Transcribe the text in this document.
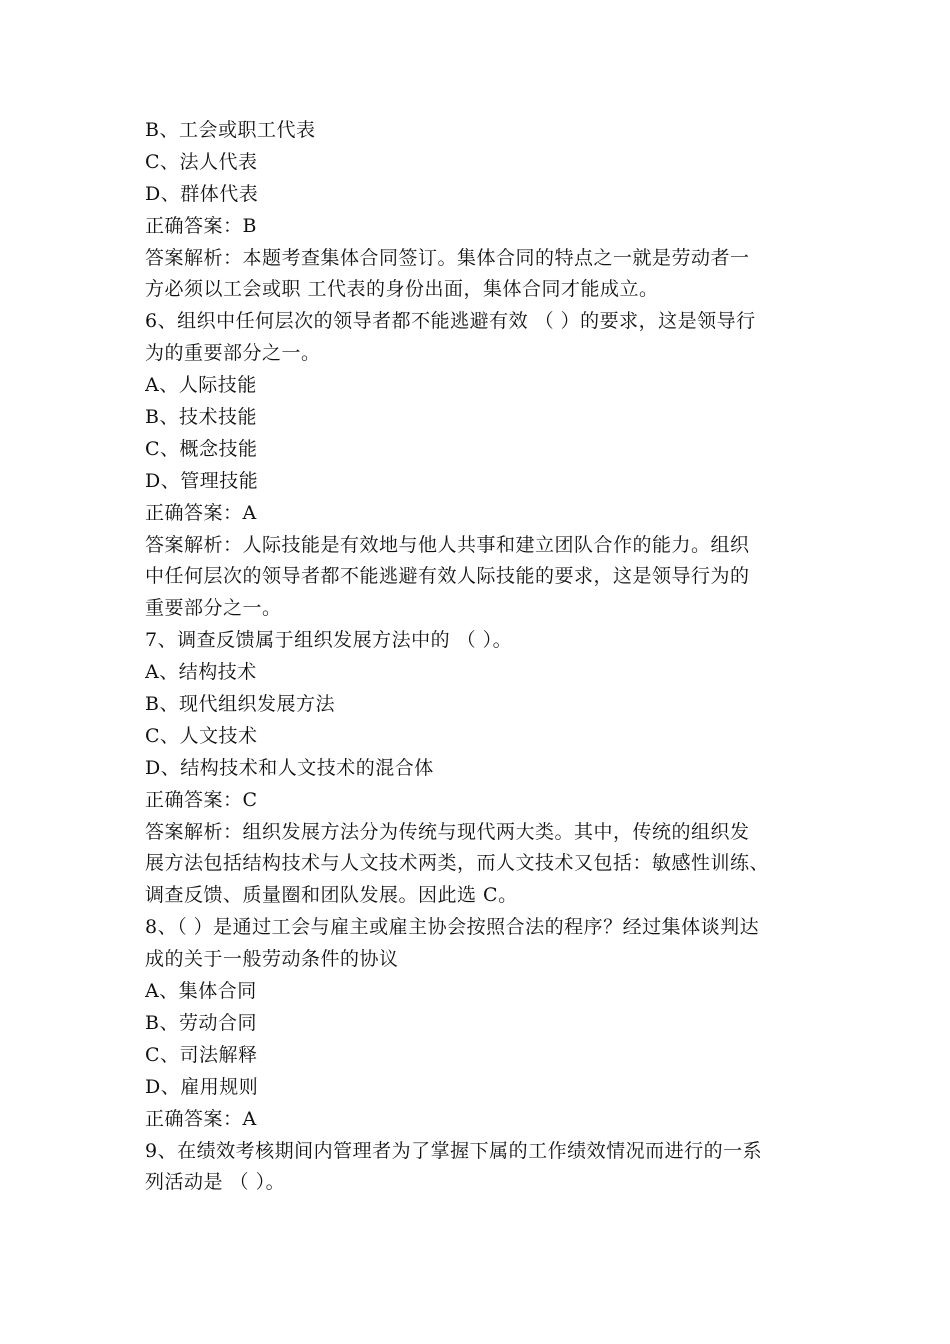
B、工会或职工代表
C、法人代表
D、群体代表
正确答案：B
答案解析：本题考查集体合同签订。集体合同的特点之一就是劳动者一
方必须以工会或职 工代表的身份出面，集体合同才能成立。
6、组织中任何层次的领导者都不能逃避有效 （ ）的要求，这是领导行
为的重要部分之一。
A、人际技能
B、技术技能
C、概念技能
D、管理技能
正确答案：A
答案解析：人际技能是有效地与他人共事和建立团队合作的能力。组织
中任何层次的领导者都不能逃避有效人际技能的要求，这是领导行为的
重要部分之一。
7、调查反馈属于组织发展方法中的 （ ）。
A、结构技术
B、现代组织发展方法
C、人文技术
D、结构技术和人文技术的混合体
正确答案：C
答案解析：组织发展方法分为传统与现代两大类。其中，传统的组织发
展方法包括结构技术与人文技术两类，而人文技术又包括：敏感性训练、
调查反馈、质量圈和团队发展。因此选 C。
8、（ ）是通过工会与雇主或雇主协会按照合法的程序？经过集体谈判达
成的关于一般劳动条件的协议
A、集体合同
B、劳动合同
C、司法解释
D、雇用规则
正确答案：A
9、在绩效考核期间内管理者为了掌握下属的工作绩效情况而进行的一系
列活动是 （ ）。
